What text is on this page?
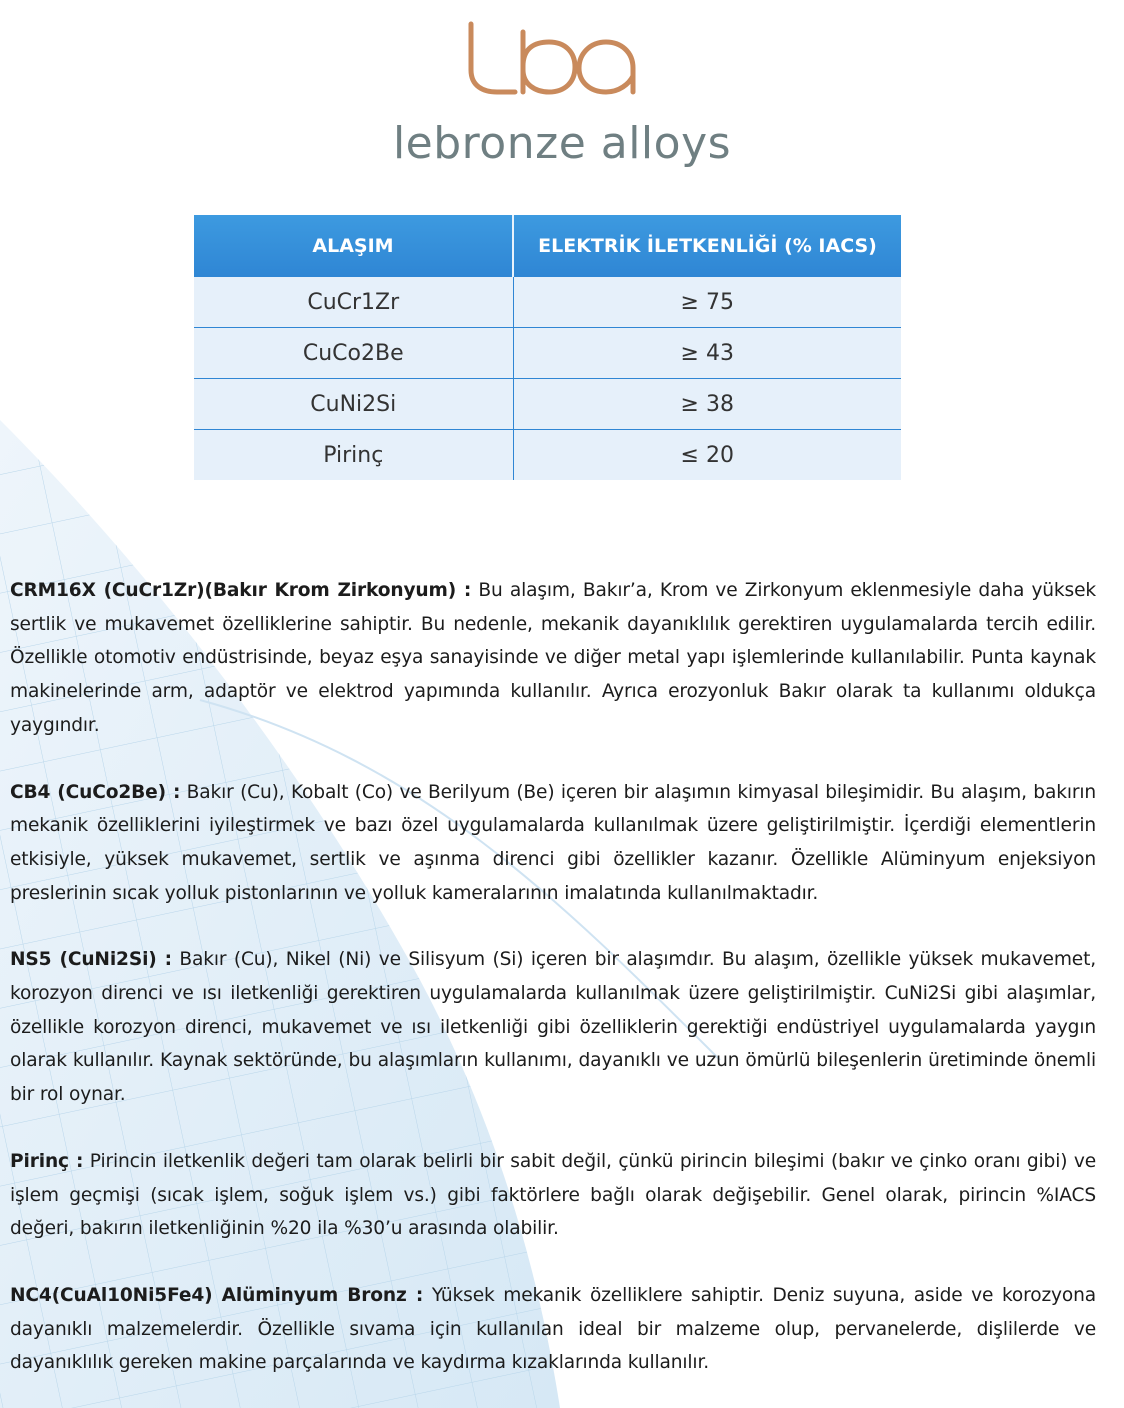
lebronze alloys
ALAŞIM	ELEKTRİK İLETKENLİĞİ (% IACS)
CuCr1Zr	≥ 75
CuCo2Be	≥ 43
CuNi2Si	≥ 38
Pirinç	≤ 20

CRM16X (CuCr1Zr)(Bakır Krom Zirkonyum) : Bu alaşım, Bakır’a, Krom ve Zirkonyum eklenmesiyle daha yüksek sertlik ve mukavemet özelliklerine sahiptir. Bu nedenle, mekanik dayanıklılık gerektiren uygulamalarda tercih edilir. Özellikle otomotiv endüstrisinde, beyaz eşya sanayisinde ve diğer metal yapı işlemlerinde kullanılabilir. Punta kaynak makinelerinde arm, adaptör ve elektrod yapımında kullanılır. Ayrıca erozyonluk Bakır olarak ta kullanımı oldukça yaygındır.

CB4 (CuCo2Be) : Bakır (Cu), Kobalt (Co) ve Berilyum (Be) içeren bir alaşımın kimyasal bileşimidir. Bu alaşım, bakırın mekanik özelliklerini iyileştirmek ve bazı özel uygulamalarda kullanılmak üzere geliştirilmiştir. İçerdiği elementlerin etkisiyle, yüksek mukavemet, sertlik ve aşınma direnci gibi özellikler kazanır. Özellikle Alüminyum enjeksiyon preslerinin sıcak yolluk pistonlarının ve yolluk kameralarının imalatında kullanılmaktadır.

NS5 (CuNi2Si) : Bakır (Cu), Nikel (Ni) ve Silisyum (Si) içeren bir alaşımdır. Bu alaşım, özellikle yüksek mukavemet, korozyon direnci ve ısı iletkenliği gerektiren uygulamalarda kullanılmak üzere geliştirilmiştir. CuNi2Si gibi alaşımlar, özellikle korozyon direnci, mukavemet ve ısı iletkenliği gibi özelliklerin gerektiği endüstriyel uygulamalarda yaygın olarak kullanılır. Kaynak sektöründe, bu alaşımların kullanımı, dayanıklı ve uzun ömürlü bileşenlerin üretiminde önemli bir rol oynar.

Pirinç : Pirincin iletkenlik değeri tam olarak belirli bir sabit değil, çünkü pirincin bileşimi (bakır ve çinko oranı gibi) ve işlem geçmişi (sıcak işlem, soğuk işlem vs.) gibi faktörlere bağlı olarak değişebilir. Genel olarak, pirincin %IACS değeri, bakırın iletkenliğinin %20 ila %30’u arasında olabilir.

NC4(CuAl10Ni5Fe4) Alüminyum Bronz : Yüksek mekanik özelliklere sahiptir. Deniz suyuna, aside ve korozyona dayanıklı malzemelerdir. Özellikle sıvama için kullanılan ideal bir malzeme olup, pervanelerde, dişlilerde ve dayanıklılık gereken makine parçalarında ve kaydırma kızaklarında kullanılır.
